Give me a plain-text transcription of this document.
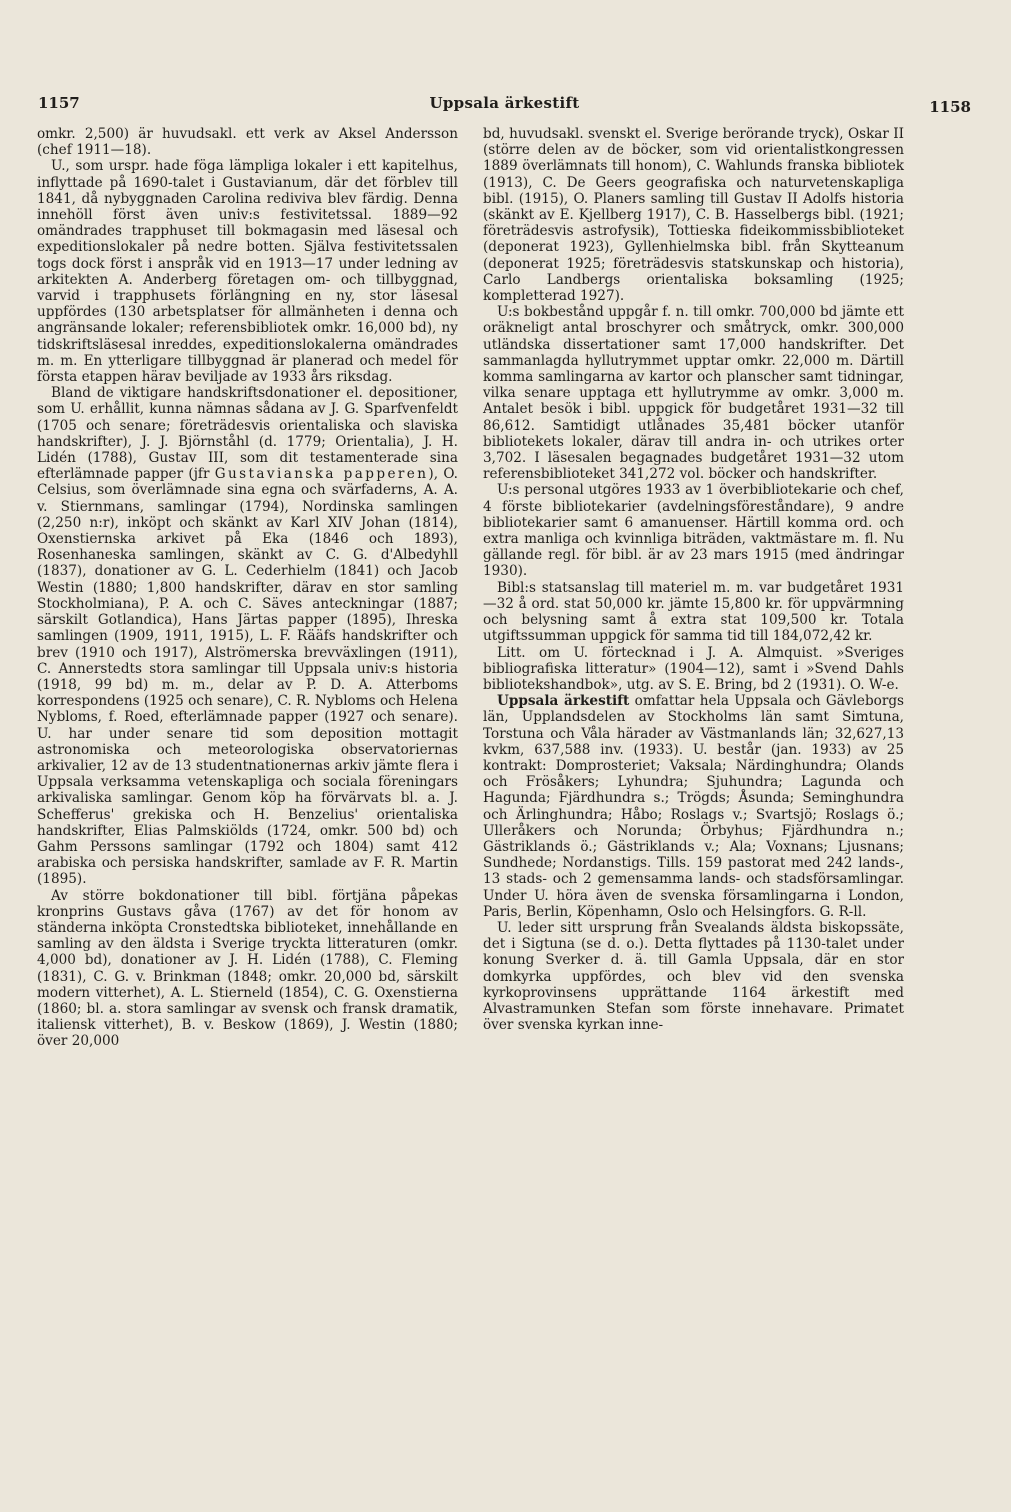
1157	Uppsala ärkestift	1158

omkr. 2,500) är huvudsakl. ett verk av Aksel Andersson (chef 1911—18).

U., som urspr. hade föga lämpliga lokaler i ett kapitelhus, inflyttade på 1690-talet i Gustavianum, där det förblev till 1841, då nybyggnaden Carolina rediviva blev färdig. Denna innehöll först även univ:s festivitetssal. 1889—92 omändrades trapphuset till bokmagasin med läsesal och expeditionslokaler på nedre botten. Själva festivitetssalen togs dock först i anspråk vid en 1913—17 under ledning av arkitekten A. Anderberg företagen om- och tillbyggnad, varvid i trapphusets förlängning en ny, stor läsesal uppfördes (130 arbetsplatser för allmänheten i denna och angränsande lokaler; referensbibliotek omkr. 16,000 bd), ny tidskriftsläsesal inreddes, expeditionslokalerna omändrades m. m. En ytterligare tillbyggnad är planerad och medel för första etappen härav beviljade av 1933 års riksdag.

Bland de viktigare handskriftsdonationer el. depositioner, som U. erhållit, kunna nämnas sådana av J. G. Sparfvenfeldt (1705 och senare; företrädesvis orientaliska och slaviska handskrifter), J. J. Björnståhl (d. 1779; Orientalia), J. H. Lidén (1788), Gustav III, som dit testamenterade sina efterlämnade papper (jfr Gustavianska papperen), O. Celsius, som överlämnade sina egna och svärfaderns, A. A. v. Stiernmans, samlingar (1794), Nordinska samlingen (2,250 n:r), inköpt och skänkt av Karl XIV Johan (1814), Oxenstiernska arkivet på Eka (1846 och 1893), Rosenhaneska samlingen, skänkt av C. G. d'Albedyhll (1837), donationer av G. L. Cederhielm (1841) och Jacob Westin (1880; 1,800 handskrifter, därav en stor samling Stockholmiana), P. A. och C. Säves anteckningar (1887; särskilt Gotlandica), Hans Järtas papper (1895), Ihreska samlingen (1909, 1911, 1915), L. F. Rääfs handskrifter och brev (1910 och 1917), Alströmerska brevväxlingen (1911), C. Annerstedts stora samlingar till Uppsala univ:s historia (1918, 99 bd) m. m., delar av P. D. A. Atterboms korrespondens (1925 och senare), C. R. Nybloms och Helena Nybloms, f. Roed, efterlämnade papper (1927 och senare). U. har under senare tid som deposition mottagit astronomiska och meteorologiska observatoriernas arkivalier, 12 av de 13 studentnationernas arkiv jämte flera i Uppsala verksamma vetenskapliga och sociala föreningars arkivaliska samlingar. Genom köp ha förvärvats bl. a. J. Schefferus' grekiska och H. Benzelius' orientaliska handskrifter, Elias Palmskiölds (1724, omkr. 500 bd) och Gahm Perssons samlingar (1792 och 1804) samt 412 arabiska och persiska handskrifter, samlade av F. R. Martin (1895).

Av större bokdonationer till bibl. förtjäna påpekas kronprins Gustavs gåva (1767) av det för honom av ständerna inköpta Cronstedtska biblioteket, innehållande en samling av den äldsta i Sverige tryckta litteraturen (omkr. 4,000 bd), donationer av J. H. Lidén (1788), C. Fleming (1831), C. G. v. Brinkman (1848; omkr. 20,000 bd, särskilt modern vitterhet), A. L. Stierneld (1854), C. G. Oxenstierna (1860; bl. a. stora samlingar av svensk och fransk dramatik, italiensk vitterhet), B. v. Beskow (1869), J. Westin (1880; över 20,000

bd, huvudsakl. svenskt el. Sverige berörande tryck), Oskar II (större delen av de böcker, som vid orientalistkongressen 1889 överlämnats till honom), C. Wahlunds franska bibliotek (1913), C. De Geers geografiska och naturvetenskapliga bibl. (1915), O. Planers samling till Gustav II Adolfs historia (skänkt av E. Kjellberg 1917), C. B. Hasselbergs bibl. (1921; företrädesvis astrofysik), Tottieska fideikommissbiblioteket (deponerat 1923), Gyllenhielmska bibl. från Skytteanum (deponerat 1925; företrädesvis statskunskap och historia), Carlo Landbergs orientaliska boksamling (1925; kompletterad 1927).

U:s bokbestånd uppgår f. n. till omkr. 700,000 bd jämte ett oräkneligt antal broschyrer och småtryck, omkr. 300,000 utländska dissertationer samt 17,000 handskrifter. Det sammanlagda hyllutrymmet upptar omkr. 22,000 m. Därtill komma samlingarna av kartor och planscher samt tidningar, vilka senare upptaga ett hyllutrymme av omkr. 3,000 m. Antalet besök i bibl. uppgick för budgetåret 1931—32 till 86,612. Samtidigt utlånades 35,481 böcker utanför bibliotekets lokaler, därav till andra in- och utrikes orter 3,702. I läsesalen begagnades budgetåret 1931—32 utom referensbiblioteket 341,272 vol. böcker och handskrifter.

U:s personal utgöres 1933 av 1 överbibliotekarie och chef, 4 förste bibliotekarier (avdelningsföreståndare), 9 andre bibliotekarier samt 6 amanuenser. Härtill komma ord. och extra manliga och kvinnliga biträden, vaktmästare m. fl. Nu gällande regl. för bibl. är av 23 mars 1915 (med ändringar 1930).

Bibl:s statsanslag till materiel m. m. var budgetåret 1931—32 å ord. stat 50,000 kr. jämte 15,800 kr. för uppvärmning och belysning samt å extra stat 109,500 kr. Totala utgiftssumman uppgick för samma tid till 184,072,42 kr.

Litt. om U. förtecknad i J. A. Almquist. »Sveriges bibliografiska litteratur» (1904—12), samt i »Svend Dahls bibliotekshandbok», utg. av S. E. Bring, bd 2 (1931). O. W-e.

Uppsala ärkestift omfattar hela Uppsala och Gävleborgs län, Upplandsdelen av Stockholms län samt Simtuna, Torstuna och Våla härader av Västmanlands län; 32,627,13 kvkm, 637,588 inv. (1933). U. består (jan. 1933) av 25 kontrakt: Domprosteriet; Vaksala; Närdinghundra; Olands och Frösåkers; Lyhundra; Sjuhundra; Lagunda och Hagunda; Fjärdhundra s.; Trögds; Åsunda; Seminghundra och Ärlinghundra; Håbo; Roslags v.; Svartsjö; Roslags ö.; Ulleråkers och Norunda; Örbyhus; Fjärdhundra n.; Gästriklands ö.; Gästriklands v.; Ala; Voxnans; Ljusnans; Sundhede; Nordanstigs. Tills. 159 pastorat med 242 lands-, 13 stads- och 2 gemensamma lands- och stadsförsamlingar. Under U. höra även de svenska församlingarna i London, Paris, Berlin, Köpenhamn, Oslo och Helsingfors. G. R-ll.

U. leder sitt ursprung från Svealands äldsta biskopssäte, det i Sigtuna (se d. o.). Detta flyttades på 1130-talet under konung Sverker d. ä. till Gamla Uppsala, där en stor domkyrka uppfördes, och blev vid den svenska kyrkoprovinsens upprättande 1164 ärkestift med Alvastramunken Stefan som förste innehavare. Primatet över svenska kyrkan inne-
